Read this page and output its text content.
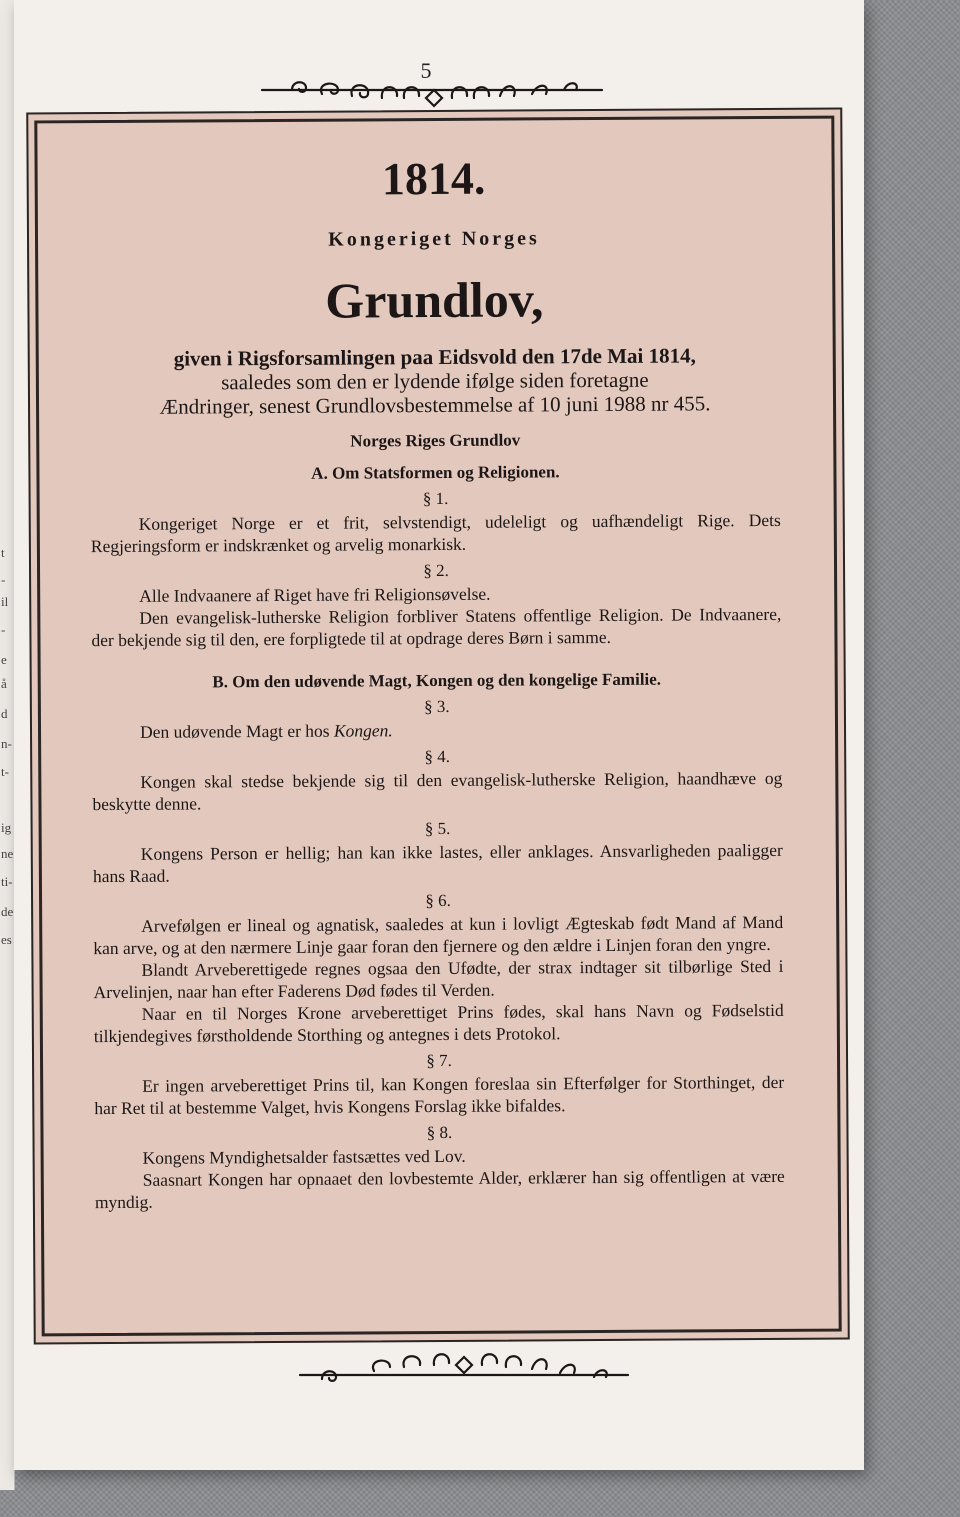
t
-
il
-
e
å
d
n-
t-
ig
ne
ti-
de
es
5

1814.

Kongeriget Norges

Grundlov,

given i Rigsforsamlingen paa Eidsvold den 17de Mai 1814,
saaledes som den er lydende ifølge siden foretagne
Ændringer, senest Grundlovsbestemmelse af 10 juni 1988 nr 455.

Norges Riges Grundlov

A. Om Statsformen og Religionen.

§ 1.

Kongeriget Norge er et frit, selvstendigt, udeleligt og uafhændeligt Rige. Dets Regjeringsform er indskrænket og arvelig monarkisk.

§ 2.

Alle Indvaanere af Riget have fri Religionsøvelse.

Den evangelisk-lutherske Religion forbliver Statens offentlige Religion. De Indvaanere, der bekjende sig til den, ere forpligtede til at opdrage deres Børn i samme.

B. Om den udøvende Magt, Kongen og den kongelige Familie.

§ 3.

Den udøvende Magt er hos Kongen.

§ 4.

Kongen skal stedse bekjende sig til den evangelisk-lutherske Religion, haandhæve og beskytte denne.

§ 5.

Kongens Person er hellig; han kan ikke lastes, eller anklages. Ansvarligheden paaligger hans Raad.

§ 6.

Arvefølgen er lineal og agnatisk, saaledes at kun i lovligt Ægteskab født Mand af Mand kan arve, og at den nærmere Linje gaar foran den fjernere og den ældre i Linjen foran den yngre.

Blandt Arveberettigede regnes ogsaa den Ufødte, der strax indtager sit tilbørlige Sted i Arvelinjen, naar han efter Faderens Død fødes til Verden.

Naar en til Norges Krone arveberettiget Prins fødes, skal hans Navn og Fødselstid tilkjendegives førstholdende Storthing og antegnes i dets Protokol.

§ 7.

Er ingen arveberettiget Prins til, kan Kongen foreslaa sin Efterfølger for Storthinget, der har Ret til at bestemme Valget, hvis Kongens Forslag ikke bifaldes.

§ 8.

Kongens Myndighetsalder fastsættes ved Lov.

Saasnart Kongen har opnaaet den lovbestemte Alder, erklærer han sig offentligen at være myndig.
